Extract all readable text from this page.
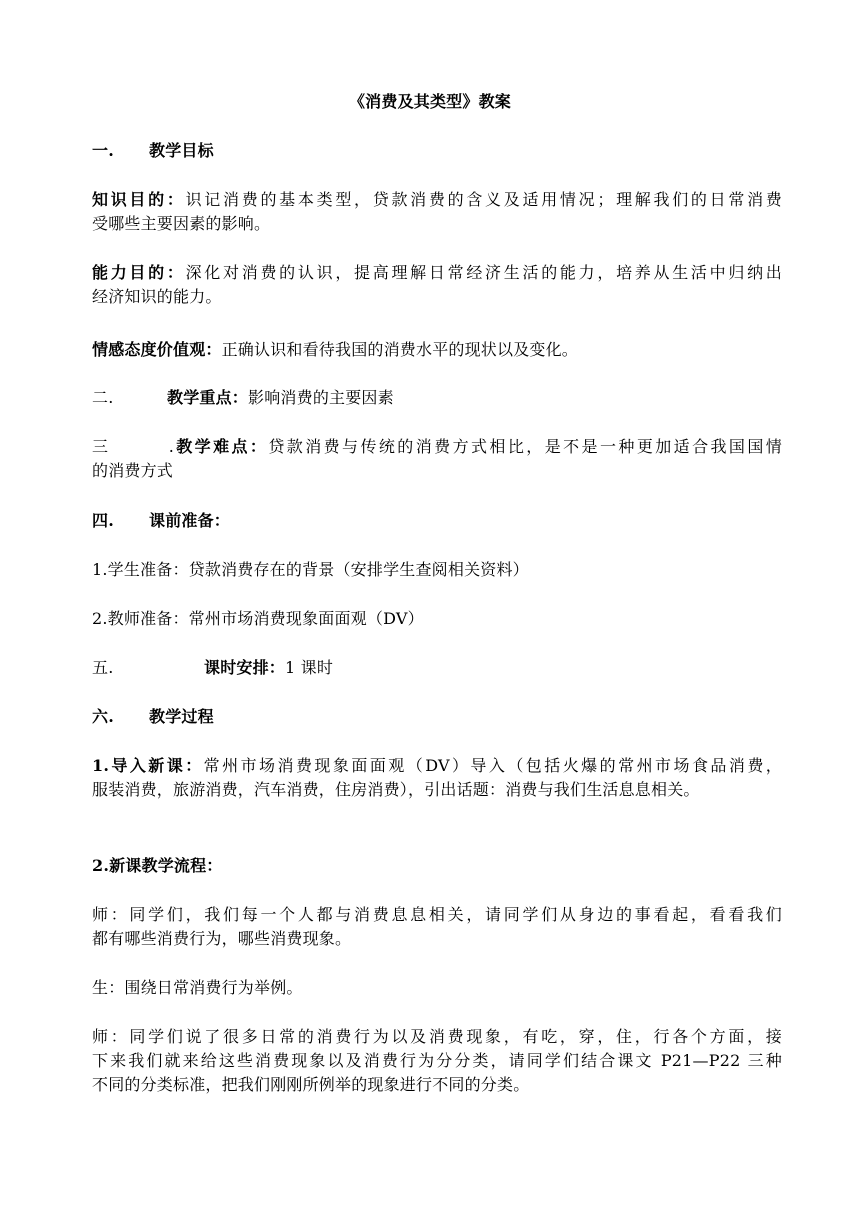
《消费及其类型》教案
一. 教学目标
知识目的：识记消费的基本类型，贷款消费的含义及适用情况；理解我们的日常消费
受哪些主要因素的影响。
能力目的：深化对消费的认识，提高理解日常经济生活的能力，培养从生活中归纳出
经济知识的能力。
情感态度价值观：正确认识和看待我国的消费水平的现状以及变化。
二.	教学重点：影响消费的主要因素
三.教学难点：贷款消费与传统的消费方式相比，是不是一种更加适合我国国情
的消费方式
四. 课前准备：
1.学生准备：贷款消费存在的背景（安排学生查阅相关资料）
2.教师准备：常州市场消费现象面面观（DV）
五.	课时安排：1 课时
六. 教学过程
1.导入新课：常州市场消费现象面面观（DV）导入（包括火爆的常州市场食品消费，
服装消费，旅游消费，汽车消费，住房消费），引出话题：消费与我们生活息息相关。
2.新课教学流程：
师：同学们，我们每一个人都与消费息息相关，请同学们从身边的事看起，看看我们
都有哪些消费行为，哪些消费现象。
生：围绕日常消费行为举例。
师：同学们说了很多日常的消费行为以及消费现象，有吃，穿，住，行各个方面，接
下来我们就来给这些消费现象以及消费行为分分类，请同学们结合课文 P21—P22 三种
不同的分类标准，把我们刚刚所例举的现象进行不同的分类。
